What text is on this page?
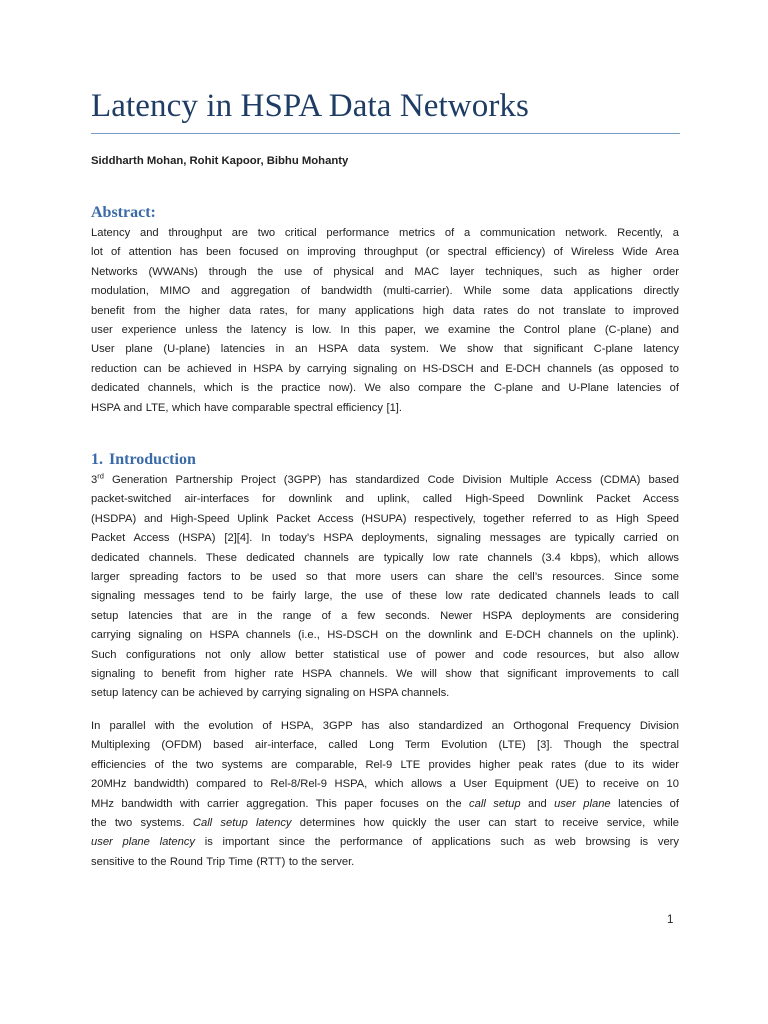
Latency in HSPA Data Networks

Siddharth Mohan, Rohit Kapoor, Bibhu Mohanty

Abstract:

Latency and throughput are two critical performance metrics of a communication network. Recently, a
lot of attention has been focused on improving throughput (or spectral efficiency) of Wireless Wide Area
Networks (WWANs) through the use of physical and MAC layer techniques, such as higher order
modulation, MIMO and aggregation of bandwidth (multi-carrier). While some data applications directly
benefit from the higher data rates, for many applications high data rates do not translate to improved
user experience unless the latency is low. In this paper, we examine the Control plane (C-plane) and
User plane (U-plane) latencies in an HSPA data system. We show that significant C-plane latency
reduction can be achieved in HSPA by carrying signaling on HS-DSCH and E-DCH channels (as opposed to
dedicated channels, which is the practice now). We also compare the C-plane and U-Plane latencies of
HSPA and LTE, which have comparable spectral efficiency [1].

1. Introduction

3rd Generation Partnership Project (3GPP) has standardized Code Division Multiple Access (CDMA) based
packet-switched air-interfaces for downlink and uplink, called High-Speed Downlink Packet Access
(HSDPA) and High-Speed Uplink Packet Access (HSUPA) respectively, together referred to as High Speed
Packet Access (HSPA) [2][4]. In today’s HSPA deployments, signaling messages are typically carried on
dedicated channels. These dedicated channels are typically low rate channels (3.4 kbps), which allows
larger spreading factors to be used so that more users can share the cell’s resources. Since some
signaling messages tend to be fairly large, the use of these low rate dedicated channels leads to call
setup latencies that are in the range of a few seconds. Newer HSPA deployments are considering
carrying signaling on HSPA channels (i.e., HS-DSCH on the downlink and E-DCH channels on the uplink).
Such configurations not only allow better statistical use of power and code resources, but also allow
signaling to benefit from higher rate HSPA channels. We will show that significant improvements to call
setup latency can be achieved by carrying signaling on HSPA channels.

In parallel with the evolution of HSPA, 3GPP has also standardized an Orthogonal Frequency Division
Multiplexing (OFDM) based air-interface, called Long Term Evolution (LTE) [3]. Though the spectral
efficiencies of the two systems are comparable, Rel-9 LTE provides higher peak rates (due to its wider
20MHz bandwidth) compared to Rel-8/Rel-9 HSPA, which allows a User Equipment (UE) to receive on 10
MHz bandwidth with carrier aggregation. This paper focuses on the call setup and user plane latencies of
the two systems. Call setup latency determines how quickly the user can start to receive service, while
user plane latency is important since the performance of applications such as web browsing is very
sensitive to the Round Trip Time (RTT) to the server.

1
